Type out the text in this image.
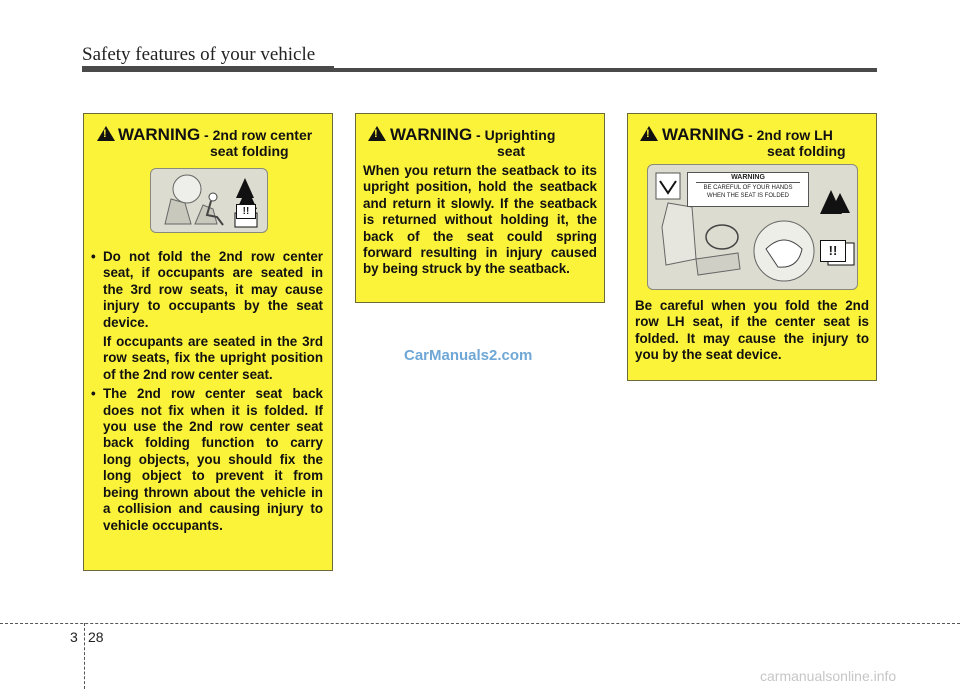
Safety features of your vehicle
!
WARNING - 2nd row center
seat folding
!!
• Do not fold the 2nd row center seat, if occupants are seated in the 3rd row seats, it may cause injury to occupants by the seat device.
If occupants are seated in the 3rd row seats, fix the upright position of the 2nd row center seat.
• The 2nd row center seat back does not fix when it is folded. If you use the 2nd row center seat back folding function to carry long objects, you should fix the long object to prevent it from being thrown about the vehicle in a collision and causing injury to vehicle occupants.
!
WARNING - Uprighting
seat
When you return the seatback to its upright position, hold the seatback and return it slowly. If the seatback is returned without holding it, the back of the seat could spring forward resulting in injury caused by being struck by the seatback.
!
WARNING - 2nd row LH
seat folding
WARNING
BE CAREFUL OF YOUR HANDS
WHEN THE SEAT IS FOLDED
!!
Be careful when you fold the 2nd row LH seat, if the center seat is folded. It may cause the injury to you by the seat device.
CarManuals2.com
3 28
carmanualsonline.info
